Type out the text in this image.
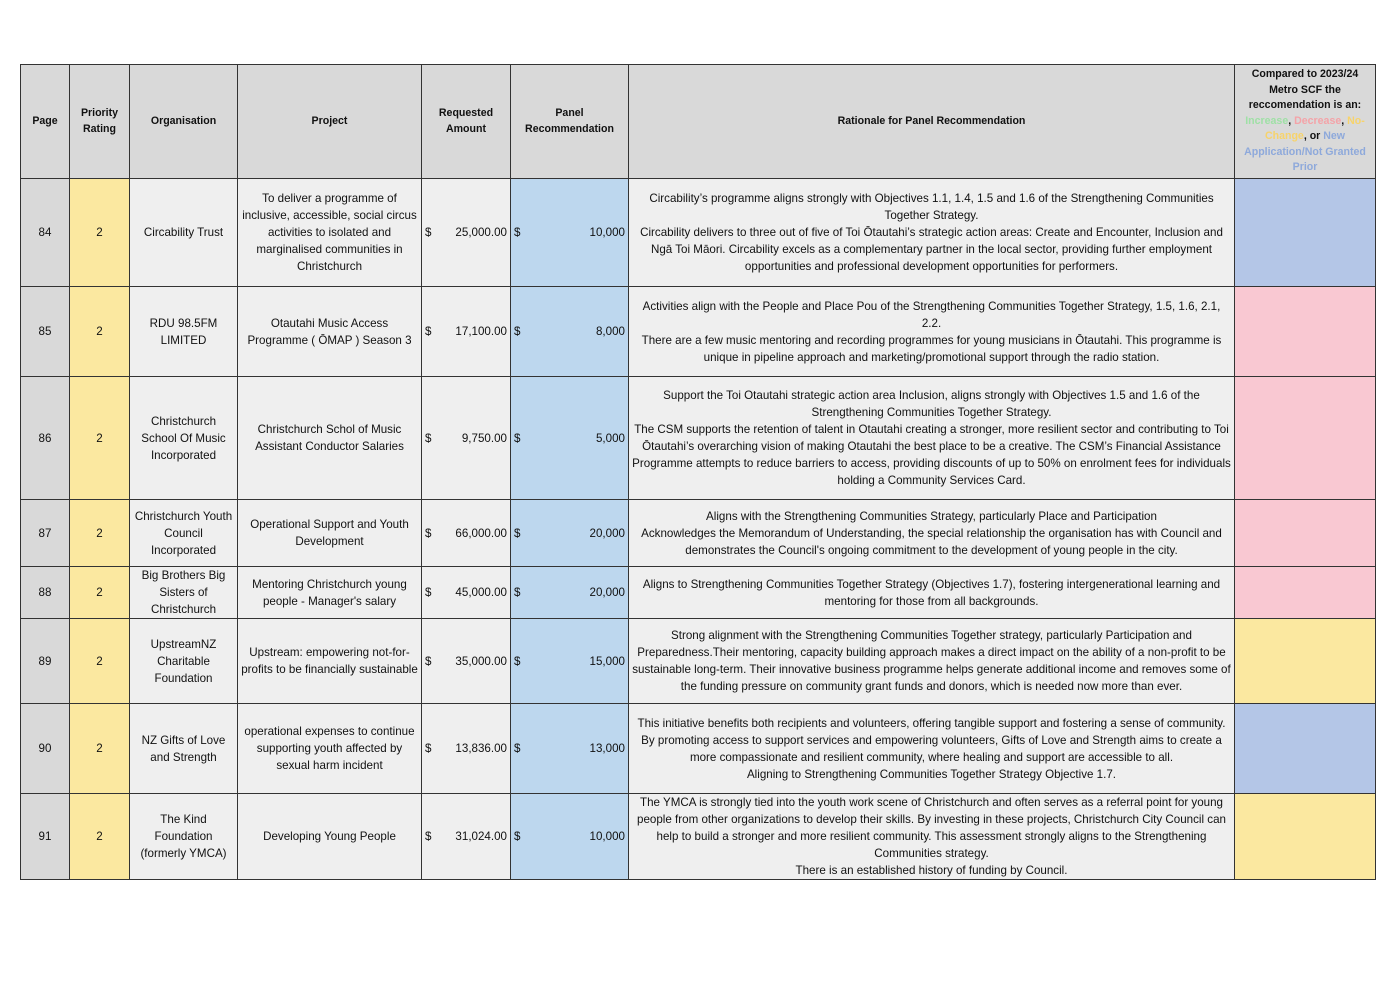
Page	Priority Rating	Organisation	Project	Requested Amount	Panel Recommendation	Rationale for Panel Recommendation	Compared to 2023/24 Metro SCF the reccomendation is an:
Increase, Decrease, No-Change, or New Application/Not Granted Prior
84	2	Circability Trust	To deliver a programme of inclusive, accessible, social circus activities to isolated and marginalised communities in Christchurch	$ 25,000.00	$ 10,000	Circability’s programme aligns strongly with Objectives 1.1, 1.4, 1.5 and 1.6 of the Strengthening Communities Together Strategy.
Circability delivers to three out of five of Toi Ōtautahi’s strategic action areas: Create and Encounter, Inclusion and Ngā Toi Māori. Circability excels as a complementary partner in the local sector, providing further employment opportunities and professional development opportunities for performers.	

85	2	RDU 98.5FM LIMITED	Otautahi Music Access Programme ( ŌMAP ) Season 3	$ 17,100.00	$ 8,000	Activities align with the People and Place Pou of the Strengthening Communities Together Strategy, 1.5, 1.6, 2.1, 2.2.
There are a few music mentoring and recording programmes for young musicians in Ōtautahi. This programme is unique in pipeline approach and marketing/promotional support through the radio station.	

86	2	Christchurch School Of Music Incorporated	Christchurch Schol of Music Assistant Conductor Salaries	$ 9,750.00	$ 5,000	Support the Toi Otautahi strategic action area Inclusion, aligns strongly with Objectives 1.5 and 1.6 of the Strengthening Communities Together Strategy.
The CSM supports the retention of talent in Otautahi creating a stronger, more resilient sector and contributing to Toi Ōtautahi’s overarching vision of making Otautahi the best place to be a creative. The CSM’s Financial Assistance Programme attempts to reduce barriers to access, providing discounts of up to 50% on enrolment fees for individuals holding a Community Services Card.	

87	2	Christchurch Youth Council Incorporated	Operational Support and Youth Development	$ 66,000.00	$ 20,000	Aligns with the Strengthening Communities Strategy, particularly Place and Participation
Acknowledges the Memorandum of Understanding, the special relationship the organisation has with Council and demonstrates the Council's ongoing commitment to the development of young people in the city.	

88	2	Big Brothers Big Sisters of Christchurch	Mentoring Christchurch young people - Manager's salary	$ 45,000.00	$ 20,000	Aligns to Strengthening Communities Together Strategy (Objectives 1.7), fostering intergenerational learning and mentoring for those from all backgrounds.	

89	2	UpstreamNZ Charitable Foundation	Upstream: empowering not-for-profits to be financially sustainable	$ 35,000.00	$ 15,000	Strong alignment with the Strengthening Communities Together strategy, particularly Participation and Preparedness.Their mentoring, capacity building approach makes a direct impact on the ability of a non-profit to be sustainable long-term. Their innovative business programme helps generate additional income and removes some of the funding pressure on community grant funds and donors, which is needed now more than ever.	

90	2	NZ Gifts of Love and Strength	operational expenses to continue supporting youth affected by sexual harm incident	$ 13,836.00	$ 13,000	This initiative benefits both recipients and volunteers, offering tangible support and fostering a sense of community. By promoting access to support services and empowering volunteers, Gifts of Love and Strength aims to create a more compassionate and resilient community, where healing and support are accessible to all.
Aligning to Strengthening Communities Together Strategy Objective 1.7.	

91	2	The Kind Foundation (formerly YMCA)	Developing Young People	$ 31,024.00	$ 10,000	The YMCA is strongly tied into the youth work scene of Christchurch and often serves as a referral point for young people from other organizations to develop their skills. By investing in these projects, Christchurch City Council can help to build a stronger and more resilient community. This assessment strongly aligns to the Strengthening Communities strategy.
There is an established history of funding by Council.	
